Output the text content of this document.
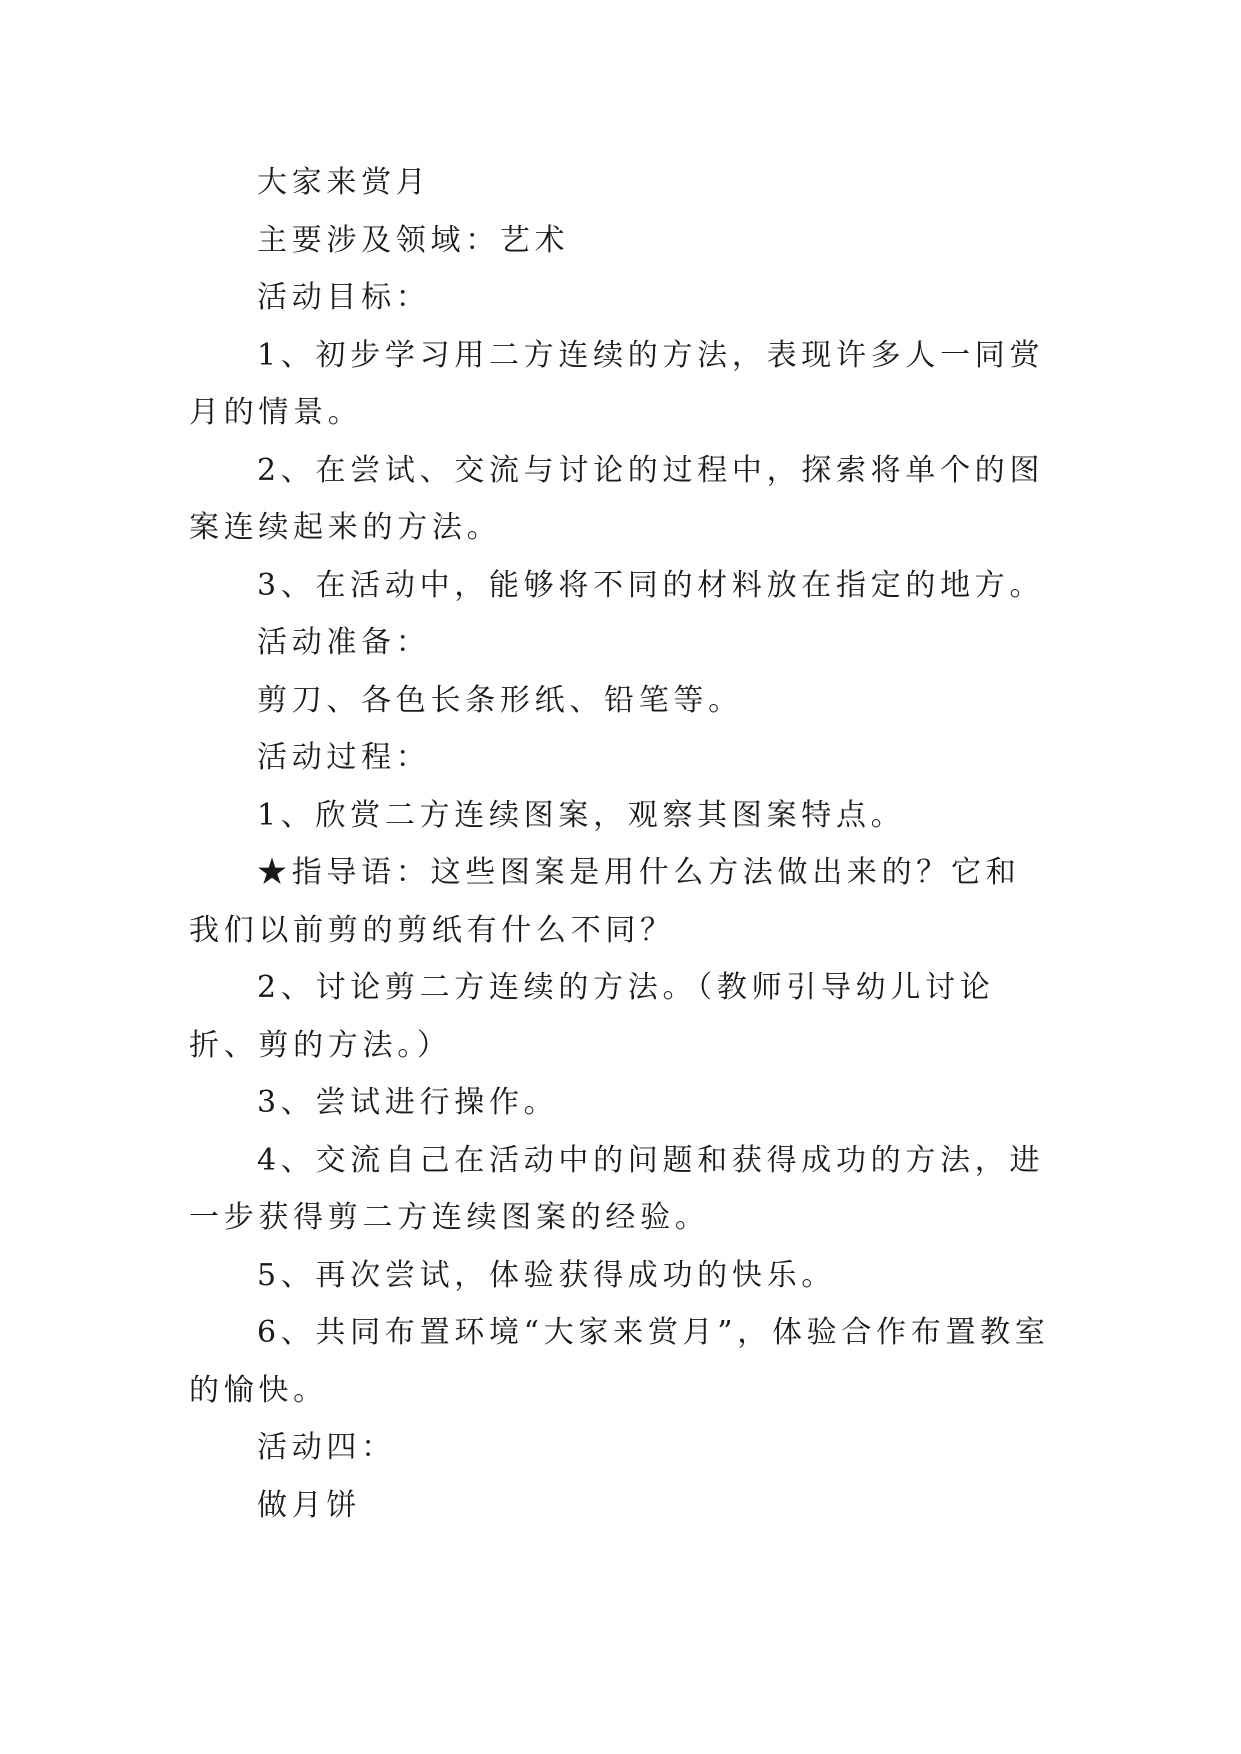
大家来赏月

主要涉及领域：艺术

活动目标：

1、初步学习用二方连续的方法，表现许多人一同赏月的情景。

2、在尝试、交流与讨论的过程中，探索将单个的图案连续起来的方法。

3、在活动中，能够将不同的材料放在指定的地方。

活动准备：

剪刀、各色长条形纸、铅笔等。

活动过程：

1、欣赏二方连续图案，观察其图案特点。

★指导语：这些图案是用什么方法做出来的？它和我们以前剪的剪纸有什么不同？

2、讨论剪二方连续的方法。（教师引导幼儿讨论折、剪的方法。）

3、尝试进行操作。

4、交流自己在活动中的问题和获得成功的方法，进一步获得剪二方连续图案的经验。

5、再次尝试，体验获得成功的快乐。

6、共同布置环境“大家来赏月”，体验合作布置教室的愉快。

活动四：

做月饼
